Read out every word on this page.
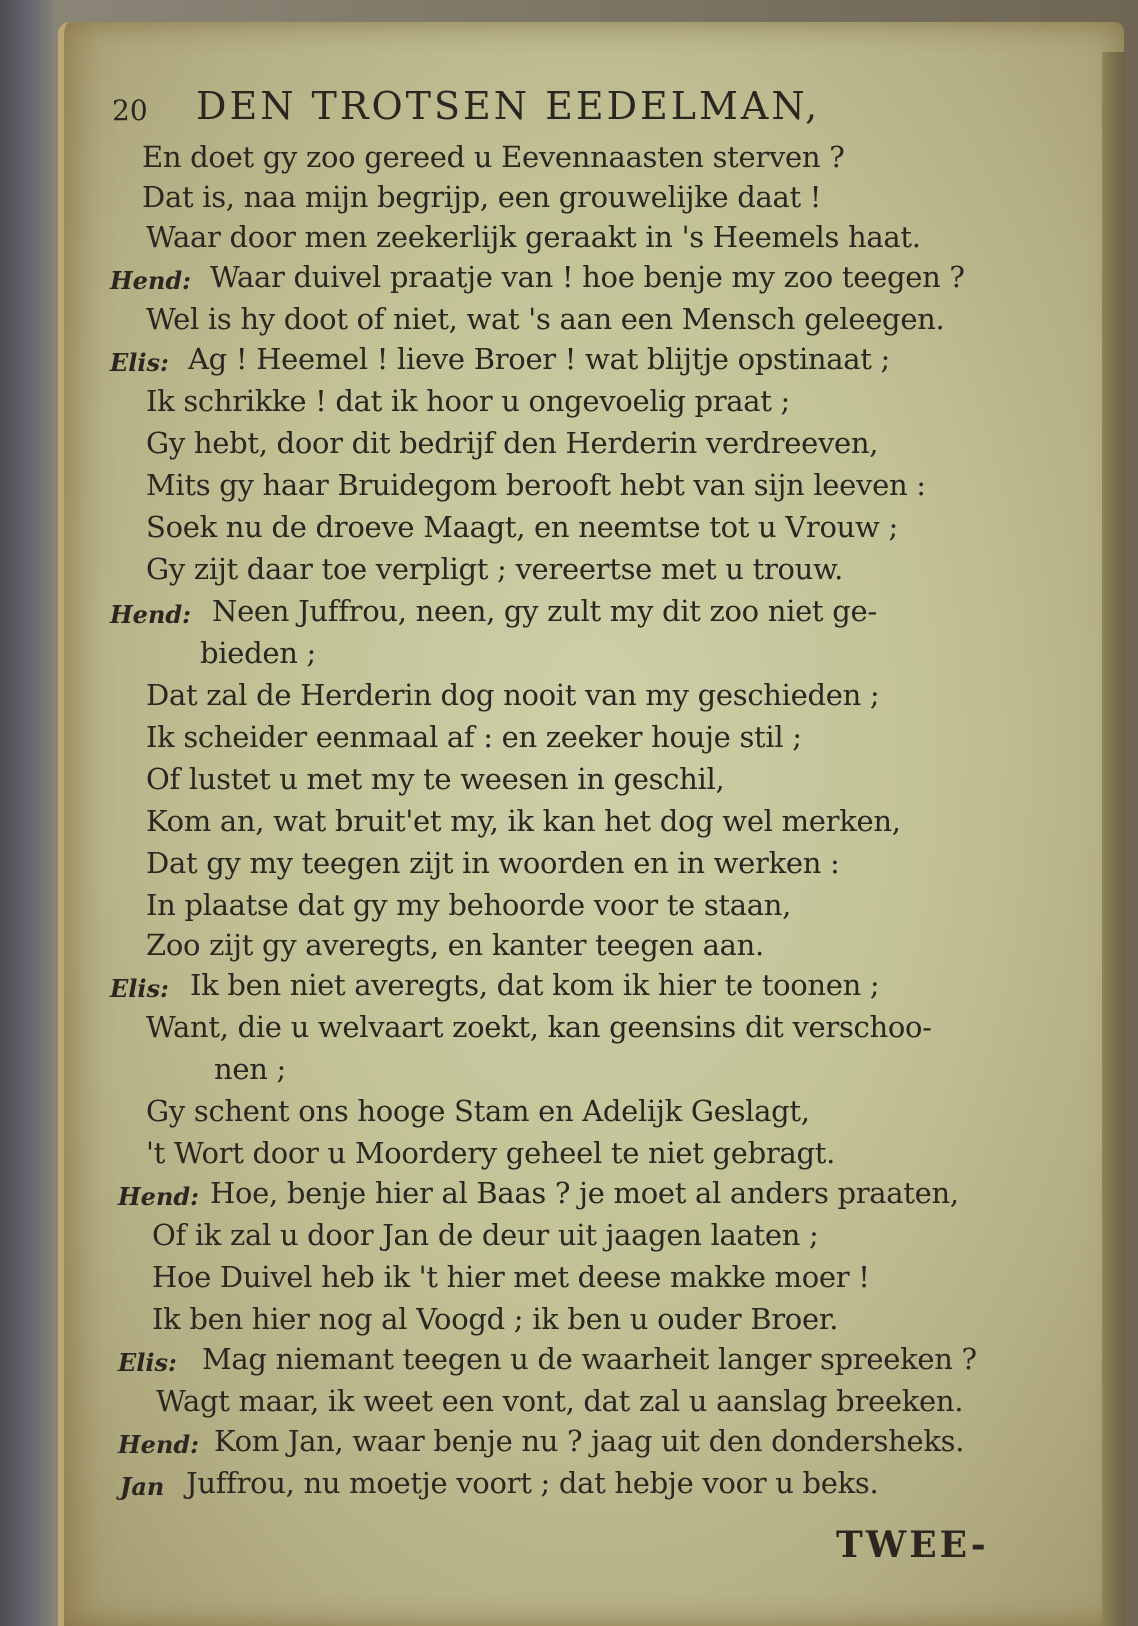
20 DEN TROTSEN EEDELMAN,
En doet gy zoo gereed u Eevennaasten sterven ?
Dat is, naa mijn begrijp, een grouwelijke daat !
Waar door men zeekerlijk geraakt in 's Heemels haat.
Hend: Waar duivel praatje van ! hoe benje my zoo teegen ?
Wel is hy doot of niet, wat 's aan een Mensch geleegen.
Elis: Ag ! Heemel ! lieve Broer ! wat blijtje opstinaat ;
Ik schrikke ! dat ik hoor u ongevoelig praat ;
Gy hebt, door dit bedrijf den Herderin verdreeven,
Mits gy haar Bruidegom berooft hebt van sijn leeven :
Soek nu de droeve Maagt, en neemtse tot u Vrouw ;
Gy zijt daar toe verpligt ; vereertse met u trouw.
Hend: Neen Juffrou, neen, gy zult my dit zoo niet ge-
bieden ;
Dat zal de Herderin dog nooit van my geschieden ;
Ik scheider eenmaal af : en zeeker houje stil ;
Of lustet u met my te weesen in geschil,
Kom an, wat bruit'et my, ik kan het dog wel merken,
Dat gy my teegen zijt in woorden en in werken :
In plaatse dat gy my behoorde voor te staan,
Zoo zijt gy averegts, en kanter teegen aan.
Elis: Ik ben niet averegts, dat kom ik hier te toonen ;
Want, die u welvaart zoekt, kan geensins dit verschoo-
nen ;
Gy schent ons hooge Stam en Adelijk Geslagt,
't Wort door u Moordery geheel te niet gebragt.
Hend: Hoe, benje hier al Baas ? je moet al anders praaten,
Of ik zal u door Jan de deur uit jaagen laaten ;
Hoe Duivel heb ik 't hier met deese makke moer !
Ik ben hier nog al Voogd ; ik ben u ouder Broer.
Elis: Mag niemant teegen u de waarheit langer spreeken ?
Wagt maar, ik weet een vont, dat zal u aanslag breeken.
Hend: Kom Jan, waar benje nu ? jaag uit den dondersheks.
Jan Juffrou, nu moetje voort ; dat hebje voor u beks.
TWEE-
